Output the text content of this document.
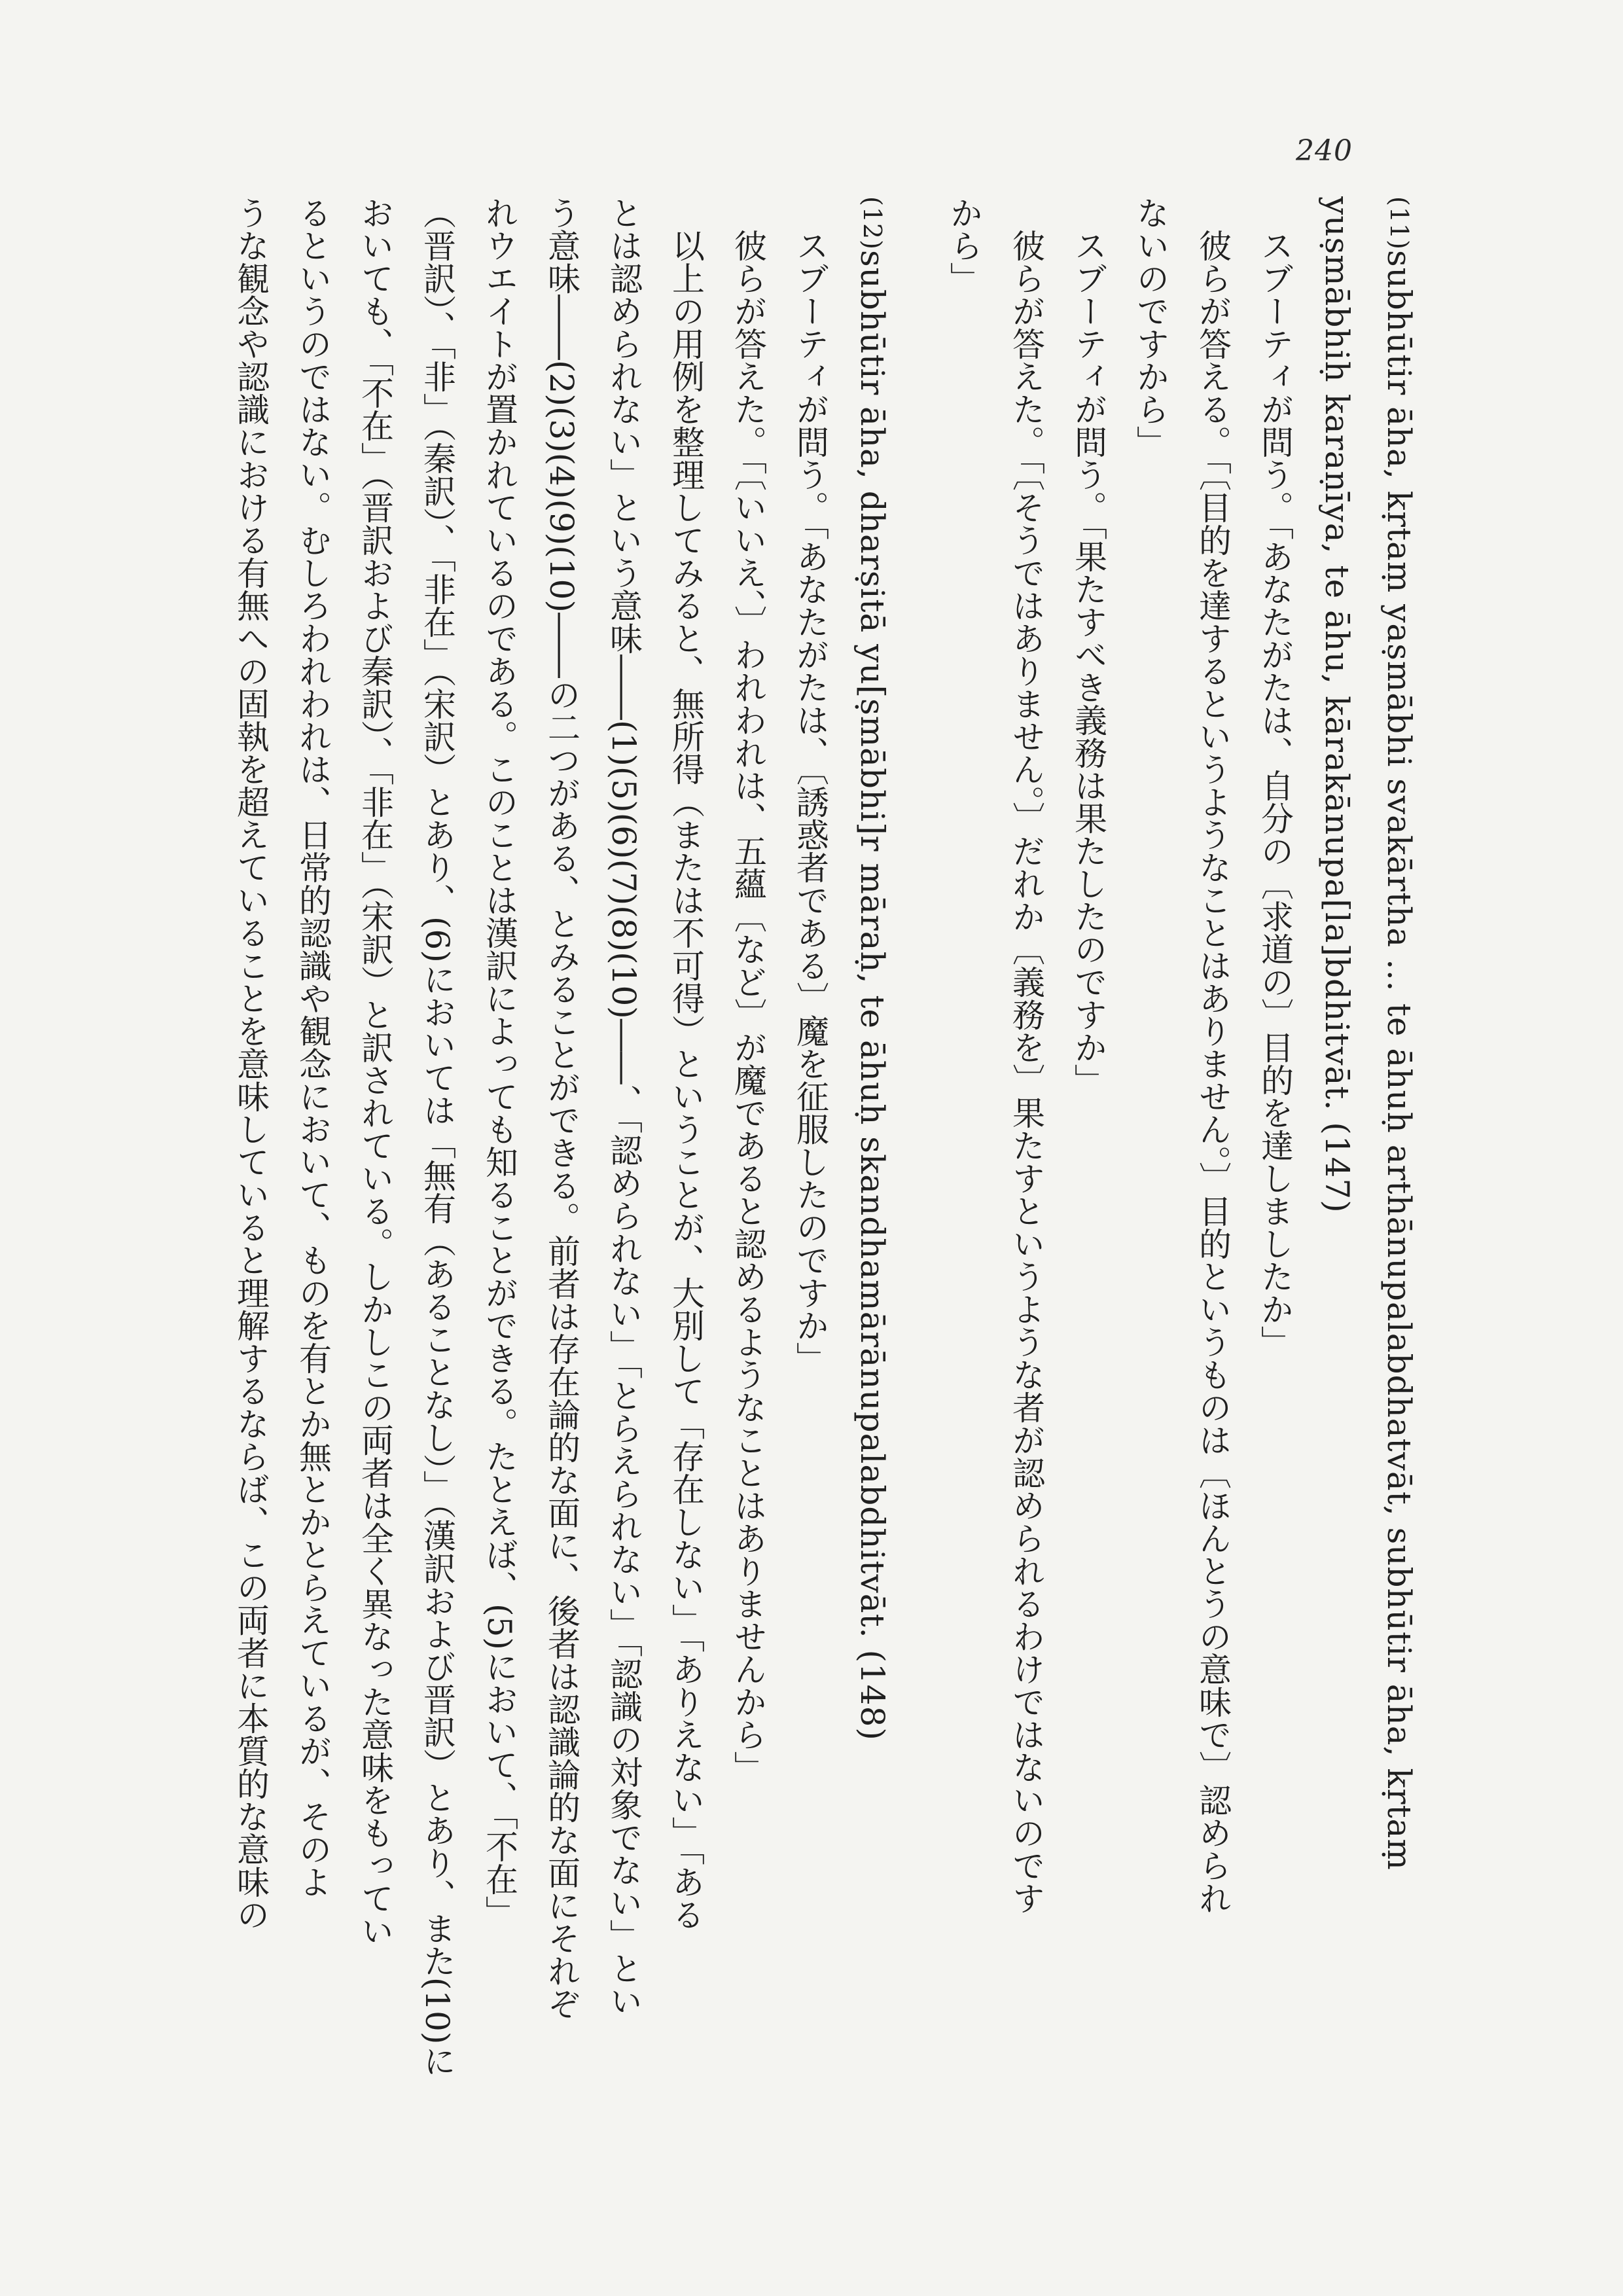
240
(11)subhūtir āha, kṛtaṃ yaṣmābhi svakārtha … te āhuḥ arthānupalabdhatvāt, subhūtir āha, kṛtaṃ
yuṣmābhiḥ karaṇīya, te āhu, kārakānupa[la]bdhitvāt. (147)
スブーティが問う。「あなたがたは、自分の〔求道の〕目的を達しましたか」
彼らが答える。「〔目的を達するというようなことはありません。〕目的というものは〔ほんとうの意味で〕認められ
ないのですから」
スブーティが問う。「果たすべき義務は果たしたのですか」
彼らが答えた。「〔そうではありません。〕だれか〔義務を〕果たすというような者が認められるわけではないのです
から」
(12)subhūtir āha, dharṣitā yu[ṣmābhi]r māraḥ, te āhuḥ skandhamārānupalabdhitvāt. (148)
スブーティが問う。「あなたがたは、〔誘惑者である〕魔を征服したのですか」
彼らが答えた。「〔いいえ、〕われわれは、五蘊〔など〕が魔であると認めるようなことはありませんから」
以上の用例を整理してみると、無所得（または不可得）ということが、大別して「存在しない」「ありえない」「ある
とは認められない」という意味――(1)(5)(6)(7)(8)(10)――、「認められない」「とらえられない」「認識の対象でない」とい
う意味――(2)(3)(4)(9)(10)――の二つがある、とみることができる。前者は存在論的な面に、後者は認識論的な面にそれぞ
れウエイトが置かれているのである。このことは漢訳によっても知ることができる。たとえば、(5)において、「不在」
（晋訳）、「非」（秦訳）、「非在」（宋訳）とあり、(6)においては「無有（あることなし）」（漢訳および晋訳）とあり、また(10)に
おいても、「不在」（晋訳および秦訳）、「非在」（宋訳）と訳されている。しかしこの両者は全く異なった意味をもってい
るというのではない。むしろわれわれは、日常的認識や観念において、ものを有とか無とかとらえているが、そのよ
うな観念や認識における有無への固執を超えていることを意味していると理解するならば、この両者に本質的な意味の
